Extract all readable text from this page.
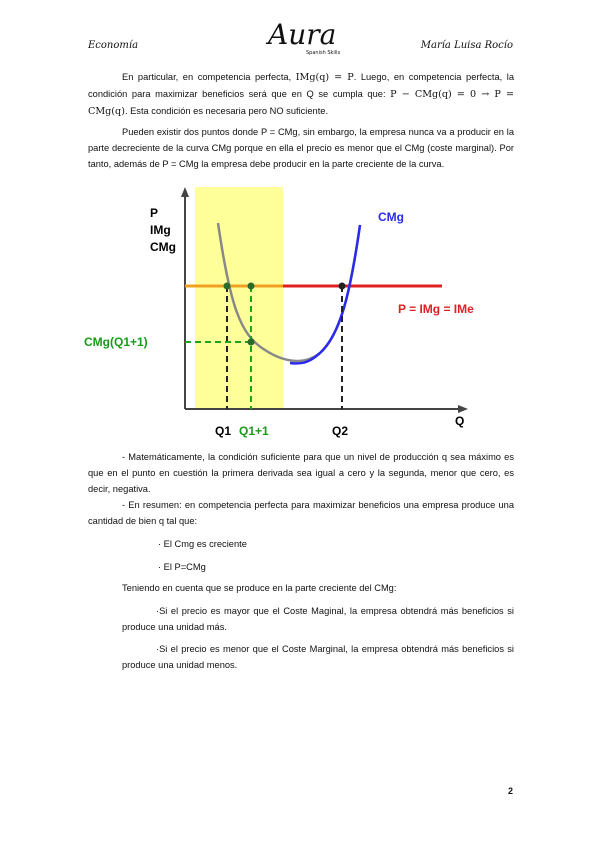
Economía	Aura
Spanish Skills
María Luisa Rocío
En particular, en competencia perfecta, IMg(q) = P. Luego, en competencia perfecta, la condición para maximizar beneficios será que en Q se cumpla que: P − CMg(q) = 0 → P = CMg(q). Esta condición es necesaria pero NO suficiente.
Pueden existir dos puntos donde P = CMg, sin embargo, la empresa nunca va a producir en la parte decreciente de la curva CMg porque en ella el precio es menor que el CMg (coste marginal). Por tanto, además de P = CMg la empresa debe producir en la parte creciente de la curva.
P
IMg
CMg
CMg
P = IMg = IMe
CMg(Q1+1)
Q
Q1 Q1+1	Q2
- Matemáticamente, la condición suficiente para que un nivel de producción q sea máximo es que en el punto en cuestión la primera derivada sea igual a cero y la segunda, menor que cero, es decir, negativa.
- En resumen: en competencia perfecta para maximizar beneficios una empresa produce una cantidad de bien q tal que:
· El Cmg es creciente
· El P=CMg
Teniendo en cuenta que se produce en la parte creciente del CMg:
·Si el precio es mayor que el Coste Maginal, la empresa obtendrá más beneficios si produce una unidad más.
·Si el precio es menor que el Coste Marginal, la empresa obtendrá más beneficios si produce una unidad menos.
2
